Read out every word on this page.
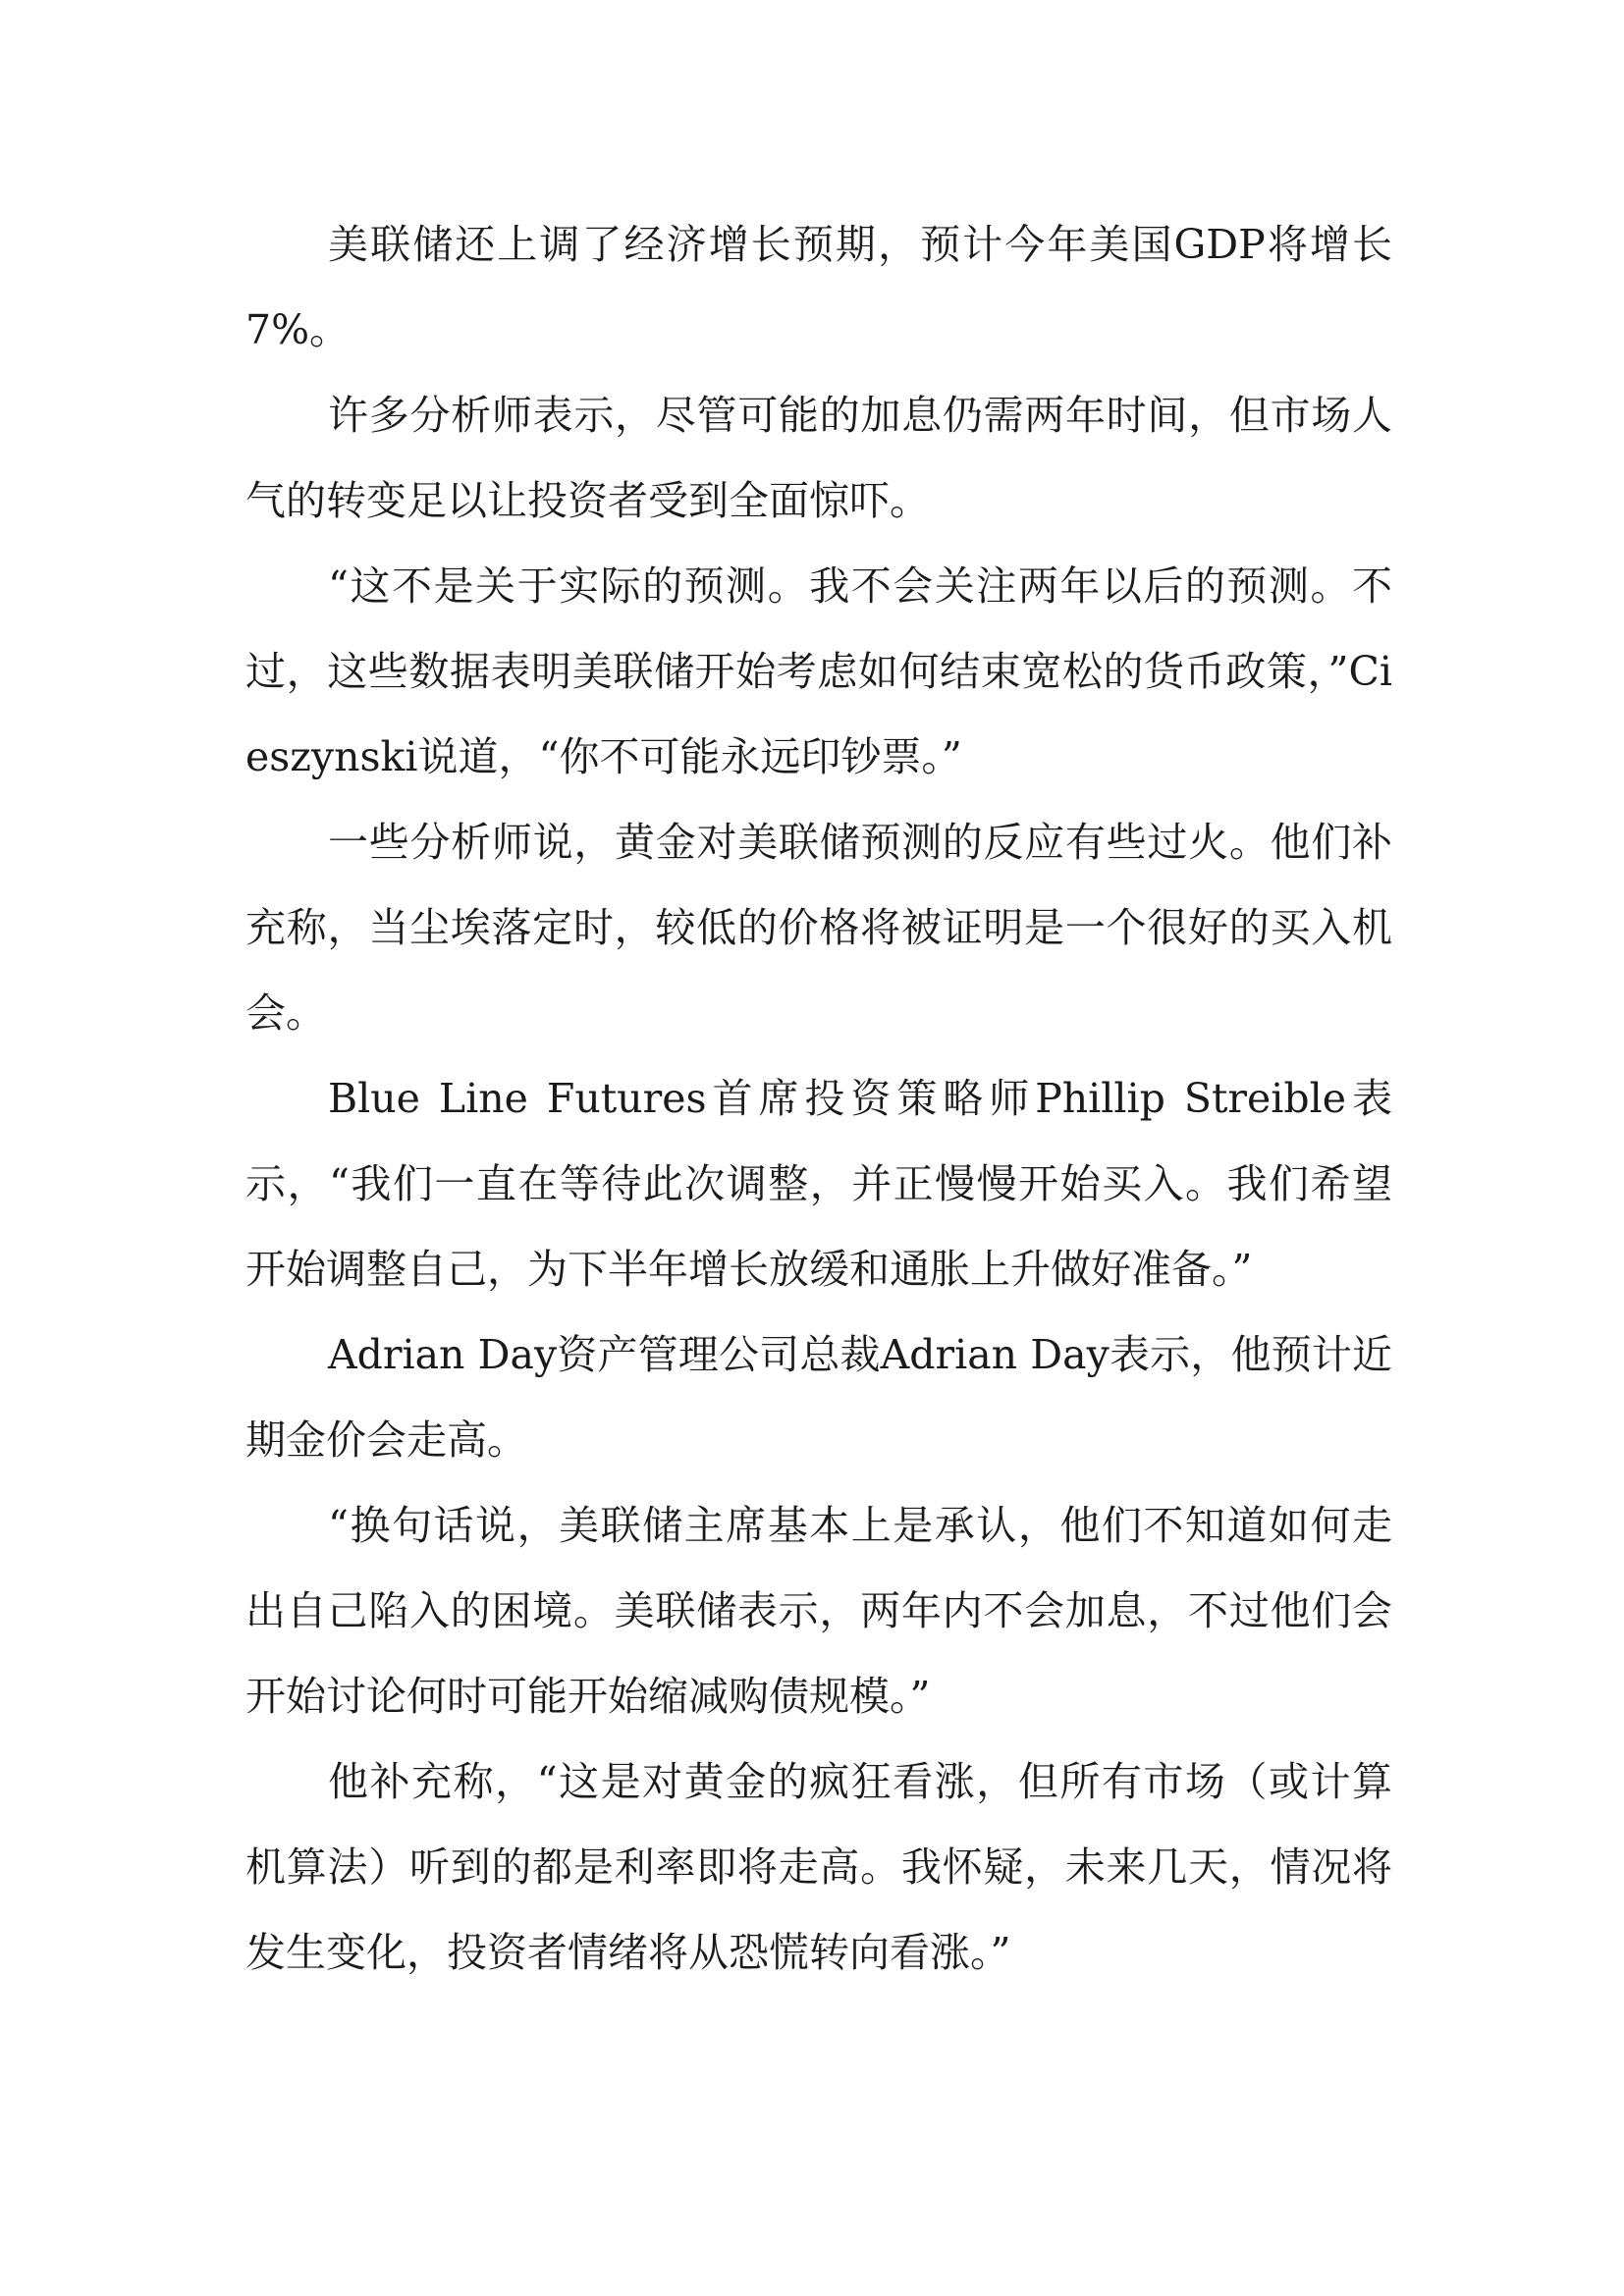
美联储还上调了经济增长预期，预计今年美国GDP将增长7%。

许多分析师表示，尽管可能的加息仍需两年时间，但市场人气的转变足以让投资者受到全面惊吓。

“这不是关于实际的预测。我不会关注两年以后的预测。不过，这些数据表明美联储开始考虑如何结束宽松的货币政策，”Cieszynski说道，“你不可能永远印钞票。”

一些分析师说，黄金对美联储预测的反应有些过火。他们补充称，当尘埃落定时，较低的价格将被证明是一个很好的买入机会。

Blue Line Futures首席投资策略师Phillip Streible表示，“我们一直在等待此次调整，并正慢慢开始买入。我们希望开始调整自己，为下半年增长放缓和通胀上升做好准备。”

Adrian Day资产管理公司总裁Adrian Day表示，他预计近期金价会走高。

“换句话说，美联储主席基本上是承认，他们不知道如何走出自己陷入的困境。美联储表示，两年内不会加息，不过他们会开始讨论何时可能开始缩减购债规模。”

他补充称，“这是对黄金的疯狂看涨，但所有市场（或计算机算法）听到的都是利率即将走高。我怀疑，未来几天，情况将发生变化，投资者情绪将从恐慌转向看涨。”
